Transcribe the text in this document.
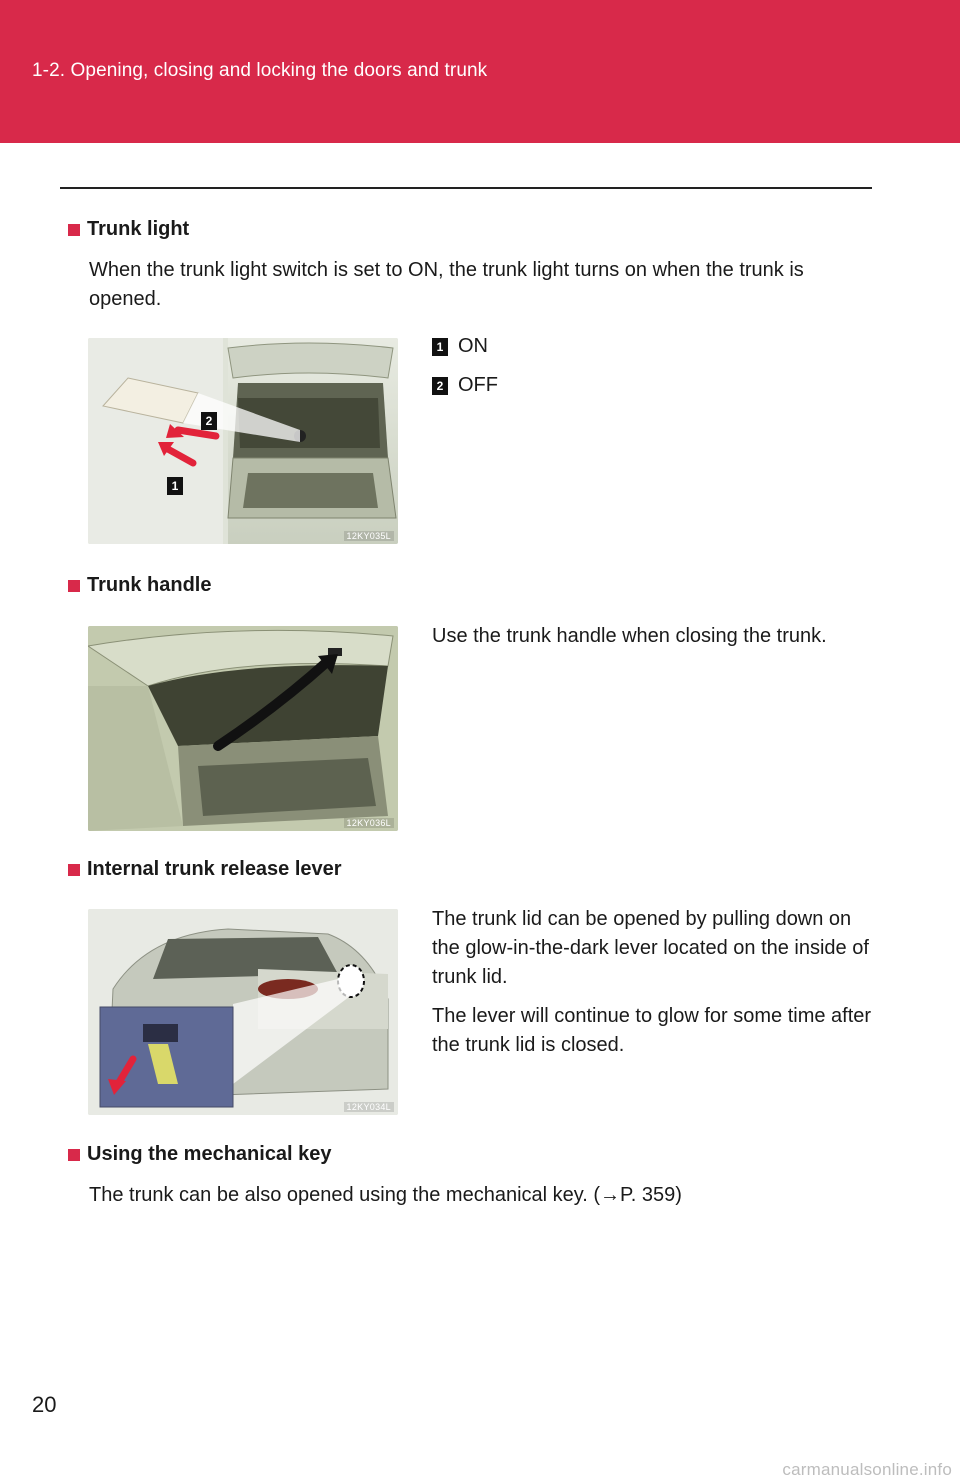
1-2. Opening, closing and locking the doors and trunk
Trunk light
When the trunk light switch is set to ON, the trunk light turns on when the trunk is opened.
2
1
12KY035L
1 ON
2 OFF
Trunk handle
12KY036L
Use the trunk handle when closing the trunk.
Internal trunk release lever
12KY034L
The trunk lid can be opened by pulling down on the glow-in-the-dark lever located on the inside of trunk lid.
The lever will continue to glow for some time after the trunk lid is closed.
Using the mechanical key
The trunk can be also opened using the mechanical key. (→P. 359)
20
carmanualsonline.info
